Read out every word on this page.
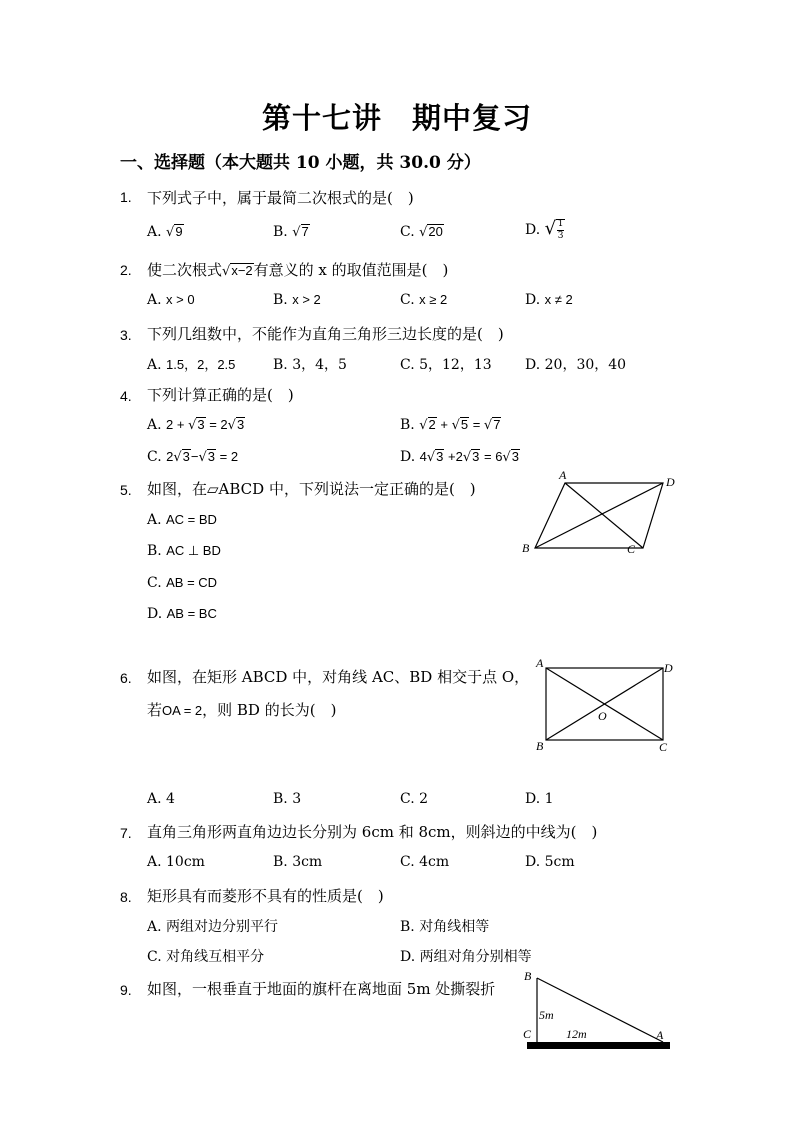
第十七讲　期中复习
一、选择题（本大题共 10 小题，共 30.0 分）
1. 下列式子中，属于最简二次根式的是(　)
A. √9	B. √7	C. √20	D. √ $\frac{1}{3}$
2. 使二次根式√x−2有意义的 x 的取值范围是(　)
A. x > 0	B. x > 2	C. x ≥ 2	D. x ≠ 2
3. 下列几组数中，不能作为直角三角形三边长度的是(　)
A. 1.5，2，2.5	B. 3，4，5	C. 5，12，13 D. 20，30，40
4. 下列计算正确的是(　)
A. 2 + √3 = 2√3	B. √2 + √5 = √7
C. 2√3−√3 = 2	D. 4√3 +2√3 = 6√3
5. 如图，在▱ABCD 中，下列说法一定正确的是(　)
A. AC = BD
B. AC ⊥ BD
C. AB = CD
D. AB = BC
A	D
B	C
6. 如图，在矩形 ABCD 中，对角线 AC、BD 相交于点 O，
若OA = 2，则 BD 的长为(　)
A	D
B	C
O
A. 4	B. 3	C. 2	D. 1
7. 直角三角形两直角边边长分别为 6cm 和 8cm，则斜边的中线为(　)
A. 10cm	B. 3cm	C. 4cm	D. 5cm
8. 矩形具有而菱形不具有的性质是(　)
A. 两组对边分别平行	B. 对角线相等
C. 对角线互相平分	D. 两组对角分别相等
9. 如图，一根垂直于地面的旗杆在离地面 5m 处撕裂折
B
C	A
5m
12m
